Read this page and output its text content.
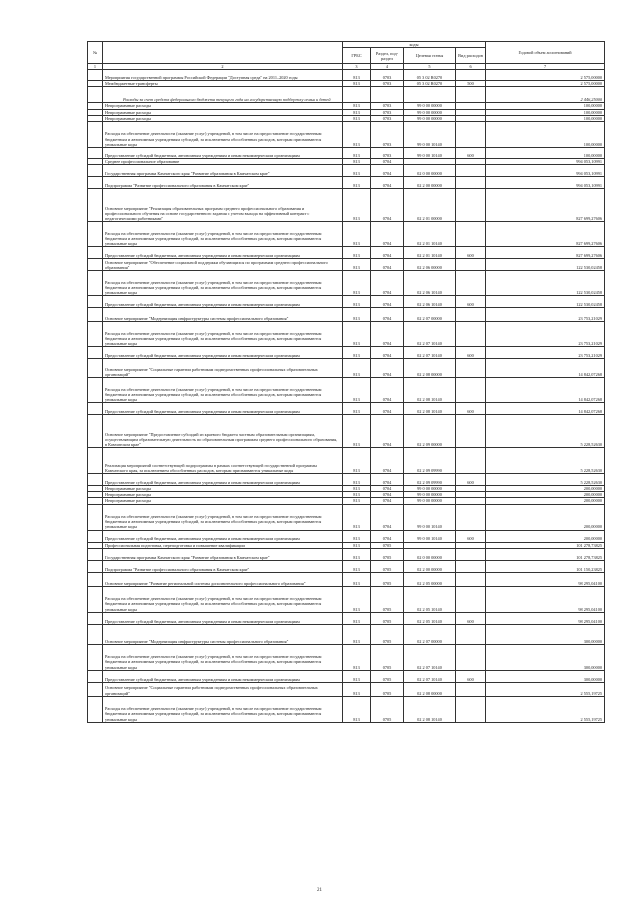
№		коды				Годовой объем ассигнований
		ГРБС	Раздел, под-раздел	Целевая статья	Вид расходов	
1	2	3	4	5	6	7
	Мероприятия государственной программы Российской Федерации "Доступная среда" на 2011–2020 годы	813	0703	05 3 02 R0270		2 575,00000
	Межбюджетные трансферты	813	0703	05 3 02 R0270	500	2 575,00000
	Расходы за счет средств федерального бюджета текущего года на государственную поддержку семьи и детей					2 446,25000
	Непрограммные расходы	813	0703	99 0 00 00000		100,00000
	Непрограммные расходы	813	0703	99 0 00 00000		100,00000
	Непрограммные расходы	813	0703	99 0 00 00000		100,00000
	Расходы на обеспечение деятельности (оказание услуг) учреждений, в том числе на предоставление государственным бюджетным и автономным учреждениям субсидий, за исключением обособленных расходов, которым присваиваются уникальные коды	813	0703	99 0 00 10140		100,00000
	Предоставление субсидий бюджетным, автономным учреждениям и иным некоммерческим организациям	813	0703	99 0 00 10140	600	100,00000
	Среднее профессиональное образование	813	0704			994 053,10991
	Государственная программа Камчатского края "Развитие образования в Камчатском крае"	813	0704	02 0 00 00000		994 053,10991
	Подпрограмма "Развитие профессионального образования в Камчатском крае"	813	0704	02 2 00 00000		994 053,10991
	Основное мероприятие "Реализация образовательных программ среднего профессионального образования и профессионального обучения на основе государственного задания с учетом выхода на эффективный контракт с педагогическими работниками"	813	0704	02 2 01 00000		827 699,27606
	Расходы на обеспечение деятельности (оказание услуг) учреждений, в том числе на предоставление государственным бюджетным и автономным учреждениям субсидий, за исключением обособленных расходов, которым присваиваются уникальные коды	813	0704	02 2 01 10140		827 699,27606
	Предоставление субсидий бюджетным, автономным учреждениям и иным некоммерческим организациям	813	0704	02 2 01 10140	600	827 699,27606
	Основное мероприятие "Обеспечение социальной поддержки обучающихся по программам среднего профессионального образования"	813	0704	02 2 06 00000		122 530,02458
	Расходы на обеспечение деятельности (оказание услуг) учреждений, в том числе на предоставление государственным бюджетным и автономным учреждениям субсидий, за исключением обособленных расходов, которым присваиваются уникальные коды	813	0704	02 2 06 10140		122 530,02458
	Предоставление субсидий бюджетным, автономным учреждениям и иным некоммерческим организациям	813	0704	02 2 06 10140	600	122 530,02458
	Основное мероприятие "Модернизация инфраструктуры системы профессионального образования"	813	0704	02 2 07 00000		23 753,21029
	Расходы на обеспечение деятельности (оказание услуг) учреждений, в том числе на предоставление государственным бюджетным и автономным учреждениям субсидий, за исключением обособленных расходов, которым присваиваются уникальные коды	813	0704	02 2 07 10140		23 753,21029
	Предоставление субсидий бюджетным, автономным учреждениям и иным некоммерческим организациям	813	0704	02 2 07 10140	600	23 753,21029
	Основное мероприятие "Социальные гарантии работникам подведомственных профессиональных образовательных организаций"	813	0704	02 2 08 00000		14 842,07268
	Расходы на обеспечение деятельности (оказание услуг) учреждений, в том числе на предоставление государственным бюджетным и автономным учреждениям субсидий, за исключением обособленных расходов, которым присваиваются уникальные коды	813	0704	02 2 08 10140		14 842,07268
	Предоставление субсидий бюджетным, автономным учреждениям и иным некоммерческим организациям	813	0704	02 2 08 10140	600	14 842,07268
	Основное мероприятие "Предоставление субсидий из краевого бюджета частным образовательным организациям, осуществляющим образовательную деятельность по образовательным программам среднего профессионального образования, в Камчатском крае"	813	0704	02 2 09 00000		5 228,52630
	Реализация мероприятий соответствующей подпрограммы в рамках соответствующей государственной программы Камчатского края, за исключением обособленных расходов, которым присваиваются уникальные коды	813	0704	02 2 09 09990		5 228,52630
	Предоставление субсидий бюджетным, автономным учреждениям и иным некоммерческим организациям	813	0704	02 2 09 09990	600	5 228,52630
	Непрограммные расходы	813	0704	99 0 00 00000		200,00000
	Непрограммные расходы	813	0704	99 0 00 00000		200,00000
	Непрограммные расходы	813	0704	99 0 00 00000		200,00000
	Расходы на обеспечение деятельности (оказание услуг) учреждений, в том числе на предоставление государственным бюджетным и автономным учреждениям субсидий, за исключением обособленных расходов, которым присваиваются уникальные коды	813	0704	99 0 00 10140		200,00000
	Предоставление субсидий бюджетным, автономным учреждениям и иным некоммерческим организациям	813	0704	99 0 00 10140	600	200,00000
	Профессиональная подготовка, переподготовка и повышение квалификации	813	0705			101 278,73825
	Государственная программа Камчатского края "Развитие образования в Камчатском крае"	813	0705	02 0 00 00000		101 278,73825
	Подпрограмма "Развитие профессионального образования в Камчатском крае"	813	0705	02 2 00 00000		101 150,23825
	Основное мероприятие "Развитие региональной системы дополнительного профессионального образования"	813	0705	02 2 05 00000		98 295,04100
	Расходы на обеспечение деятельности (оказание услуг) учреждений, в том числе на предоставление государственным бюджетным и автономным учреждениям субсидий, за исключением обособленных расходов, которым присваиваются уникальные коды	813	0705	02 2 05 10140		98 295,04100
	Предоставление субсидий бюджетным, автономным учреждениям и иным некоммерческим организациям	813	0705	02 2 05 10140	600	98 295,04100
	Основное мероприятие "Модернизация инфраструктуры системы профессионального образования"	813	0705	02 2 07 00000		300,00000
	Расходы на обеспечение деятельности (оказание услуг) учреждений, в том числе на предоставление государственным бюджетным и автономным учреждениям субсидий, за исключением обособленных расходов, которым присваиваются уникальные коды	813	0705	02 2 07 10140		300,00000
	Предоставление субсидий бюджетным, автономным учреждениям и иным некоммерческим организациям	813	0705	02 2 07 10140	600	300,00000
	Основное мероприятие "Социальные гарантии работникам подведомственных профессиональных образовательных организаций"	813	0705	02 2 08 00000		2 555,19725
	Расходы на обеспечение деятельности (оказание услуг) учреждений, в том числе на предоставление государственным бюджетным и автономным учреждениям субсидий, за исключением обособленных расходов, которым присваиваются уникальные коды	813	0705	02 2 08 10140		2 555,19725
21
